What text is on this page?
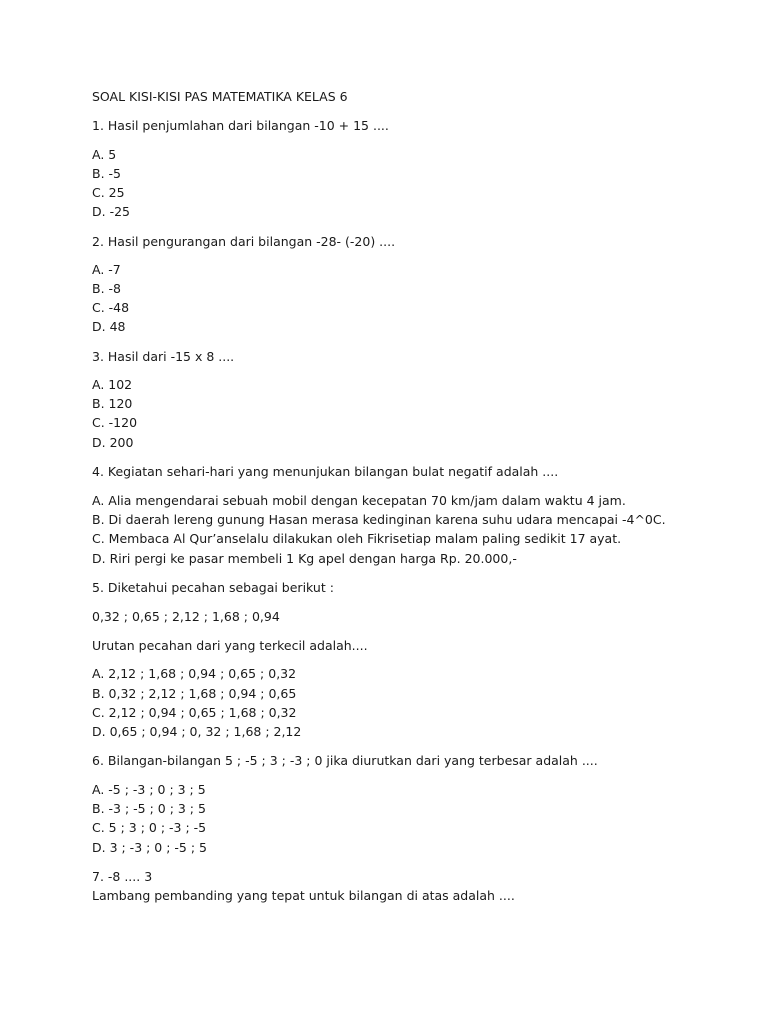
SOAL KISI-KISI PAS MATEMATIKA KELAS 6
1. Hasil penjumlahan dari bilangan -10 + 15 ....
A. 5
B. -5
C. 25
D. -25
2. Hasil pengurangan dari bilangan -28- (-20) ....
A. -7
B. -8
C. -48
D. 48
3. Hasil dari -15 x 8 ....
A. 102
B. 120
C. -120
D. 200
4. Kegiatan sehari-hari yang menunjukan bilangan bulat negatif adalah ....
A. Alia mengendarai sebuah mobil dengan kecepatan 70 km/jam dalam waktu 4 jam.
B. Di daerah lereng gunung Hasan merasa kedinginan karena suhu udara mencapai -4^0C.
C. Membaca Al Qur’anselalu dilakukan oleh Fikrisetiap malam paling sedikit 17 ayat.
D. Riri pergi ke pasar membeli 1 Kg apel dengan harga Rp. 20.000,-
5. Diketahui pecahan sebagai berikut :
0,32 ; 0,65 ; 2,12 ; 1,68 ; 0,94
Urutan pecahan dari yang terkecil adalah....
A. 2,12 ; 1,68 ; 0,94 ; 0,65 ; 0,32
B. 0,32 ; 2,12 ; 1,68 ; 0,94 ; 0,65
C. 2,12 ; 0,94 ; 0,65 ; 1,68 ; 0,32
D. 0,65 ; 0,94 ; 0, 32 ; 1,68 ; 2,12
6. Bilangan-bilangan 5 ; -5 ; 3 ; -3 ; 0 jika diurutkan dari yang terbesar adalah ....
A. -5 ; -3 ; 0 ; 3 ; 5
B. -3 ; -5 ; 0 ; 3 ; 5
C. 5 ; 3 ; 0 ; -3 ; -5
D. 3 ; -3 ; 0 ; -5 ; 5
7. -8 .... 3
Lambang pembanding yang tepat untuk bilangan di atas adalah ....
